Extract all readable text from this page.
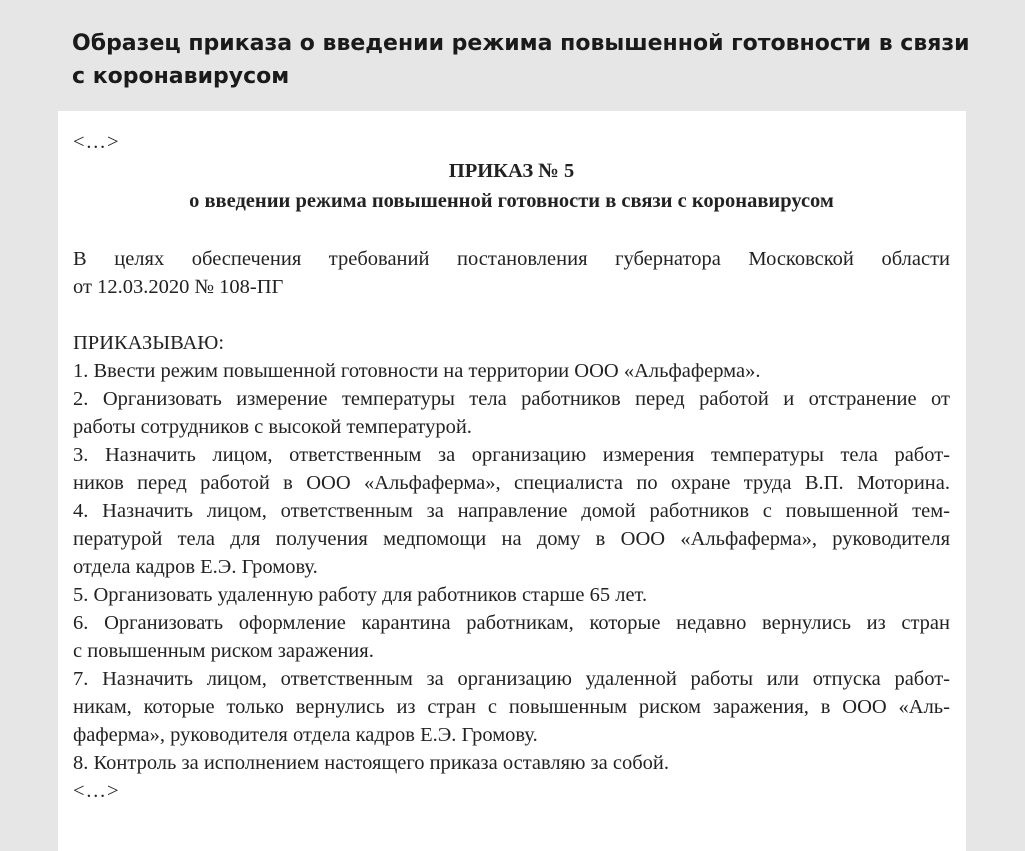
Образец приказа о введении режима повышенной готовности в связи
с коронавирусом
<…>
ПРИКАЗ № 5
о введении режима повышенной готовности в связи с коронавирусом
В целях обеспечения требований постановления губернатора Московской области
от 12.03.2020 № 108-ПГ
ПРИКАЗЫВАЮ:
1. Ввести режим повышенной готовности на территории ООО «Альфаферма».
2. Организовать измерение температуры тела работников перед работой и отстранение от
работы сотрудников с высокой температурой.
3. Назначить лицом, ответственным за организацию измерения температуры тела работ-
ников перед работой в ООО «Альфаферма», специалиста по охране труда В.П. Моторина.
4. Назначить лицом, ответственным за направление домой работников с повышенной тем-
пературой тела для получения медпомощи на дому в ООО «Альфаферма», руководителя
отдела кадров Е.Э. Громову.
5. Организовать удаленную работу для работников старше 65 лет.
6. Организовать оформление карантина работникам, которые недавно вернулись из стран
с повышенным риском заражения.
7. Назначить лицом, ответственным за организацию удаленной работы или отпуска работ-
никам, которые только вернулись из стран с повышенным риском заражения, в ООО «Аль-
фаферма», руководителя отдела кадров Е.Э. Громову.
8. Контроль за исполнением настоящего приказа оставляю за собой.
<…>
